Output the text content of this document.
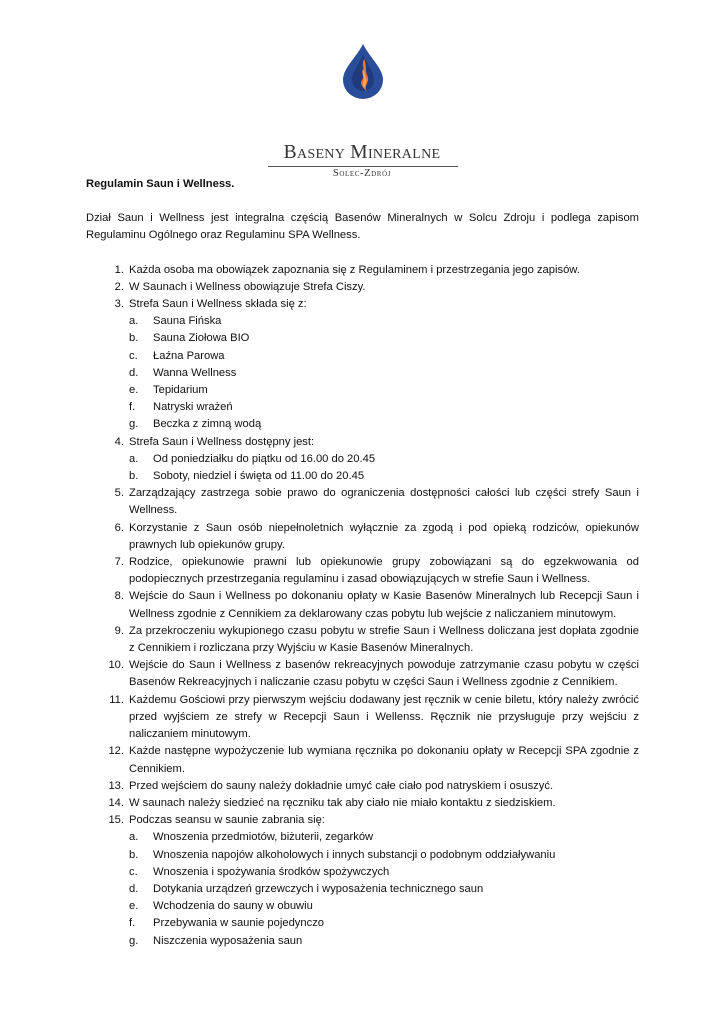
Baseny Mineralne
Solec-Zdrój
Regulamin Saun i Wellness.
Dział Saun i Wellness jest integralna częścią Basenów Mineralnych w Solcu Zdroju i podlega zapisom Regulaminu Ogólnego oraz Regulaminu SPA Wellness.
1. Każda osoba ma obowiązek zapoznania się z Regulaminem i przestrzegania jego zapisów.
2. W Saunach i Wellness obowiązuje Strefa Ciszy.
3. Strefa Saun i Wellness składa się z:
a. Sauna Fińska
b. Sauna Ziołowa BIO
c. Łaźna Parowa
d. Wanna Wellness
e. Tepidarium
f. Natryski wrażeń
g. Beczka z zimną wodą
4. Strefa Saun i Wellness dostępny jest:
a. Od poniedziałku do piątku od 16.00 do 20.45
b. Soboty, niedziel i święta od 11.00 do 20.45
5. Zarządzający zastrzega sobie prawo do ograniczenia dostępności całości lub części strefy Saun i Wellness.
6. Korzystanie z Saun osób niepełnoletnich wyłącznie za zgodą i pod opieką rodziców, opiekunów prawnych lub opiekunów grupy.
7. Rodzice, opiekunowie prawni lub opiekunowie grupy zobowiązani są do egzekwowania od podopiecznych przestrzegania regulaminu i zasad obowiązujących w strefie Saun i Wellness.
8. Wejście do Saun i Wellness po dokonaniu opłaty w Kasie Basenów Mineralnych lub Recepcji Saun i Wellness zgodnie z Cennikiem za deklarowany czas pobytu lub wejście z naliczaniem minutowym.
9. Za przekroczeniu wykupionego czasu pobytu w strefie Saun i Wellness doliczana jest dopłata zgodnie z Cennikiem i rozliczana przy Wyjściu w Kasie Basenów Mineralnych.
10. Wejście do Saun i Wellness z basenów rekreacyjnych powoduje zatrzymanie czasu pobytu w części Basenów Rekreacyjnych i naliczanie czasu pobytu w części Saun i Wellness zgodnie z Cennikiem.
11. Każdemu Gościowi przy pierwszym wejściu dodawany jest ręcznik w cenie biletu, który należy zwrócić przed wyjściem ze strefy w Recepcji Saun i Wellenss. Ręcznik nie przysługuje przy wejściu z naliczaniem minutowym.
12. Każde następne wypożyczenie lub wymiana ręcznika po dokonaniu opłaty w Recepcji SPA zgodnie z Cennikiem.
13. Przed wejściem do sauny należy dokładnie umyć całe ciało pod natryskiem i osuszyć.
14. W saunach należy siedzieć na ręczniku tak aby ciało nie miało kontaktu z siedziskiem.
15. Podczas seansu w saunie zabrania się:
a. Wnoszenia przedmiotów, biżuterii, zegarków
b. Wnoszenia napojów alkoholowych i innych substancji o podobnym oddziaływaniu
c. Wnoszenia i spożywania środków spożywczych
d. Dotykania urządzeń grzewczych i wyposażenia technicznego saun
e. Wchodzenia do sauny w obuwiu
f. Przebywania w saunie pojedynczo
g. Niszczenia wyposażenia saun
